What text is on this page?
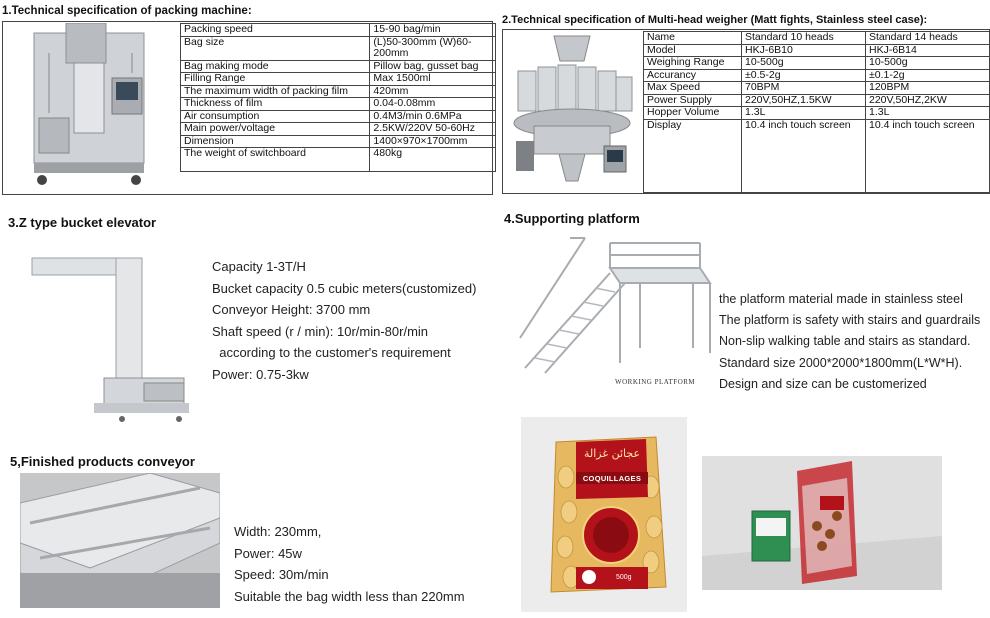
1.Technical specification of packing machine:
Packing speed	15-90 bag/min
Bag size	(L)50-300mm (W)60-200mm
Bag making mode	Pillow bag, gusset bag
Filling Range	Max 1500ml
The maximum width of packing film	420mm
Thickness of film	0.04-0.08mm
Air consumption	0.4M3/min 0.6MPa
Main power/voltage	2.5KW/220V 50-60Hz
Dimension	1400×970×1700mm
The weight of switchboard	480kg
2.Technical specification of Multi-head weigher (Matt fights, Stainless steel case):
Name	Standard 10 heads	Standard 14 heads
Model	HKJ-6B10	HKJ-6B14
Weighing Range	10-500g	10-500g
Accurancy	±0.5-2g	±0.1-2g
Max Speed	70BPM	120BPM
Power Supply	220V,50HZ,1.5KW	220V,50HZ,2KW
Hopper Volume	1.3L	1.3L
Display	10.4 inch touch screen	10.4 inch touch screen
3.Z type bucket elevator
Capacity 1-3T/H
Bucket capacity 0.5 cubic meters(customized)
Conveyor Height: 3700 mm
Shaft speed (r / min): 10r/min-80r/min
according to the customer's requirement
Power: 0.75-3kw
4.Supporting platform
WORKING PLATFORM
the platform material made in stainless steel
The platform is safety with stairs and guardrails
Non-slip walking table and stairs as standard.
Standard size 2000*2000*1800mm(L*W*H).
Design and size can be customerized
5,Finished products conveyor
Width: 230mm,
Power: 45w
Speed: 30m/min
Suitable the bag width less than 220mm
عجائن غزالة
COQUILLAGES
500g
